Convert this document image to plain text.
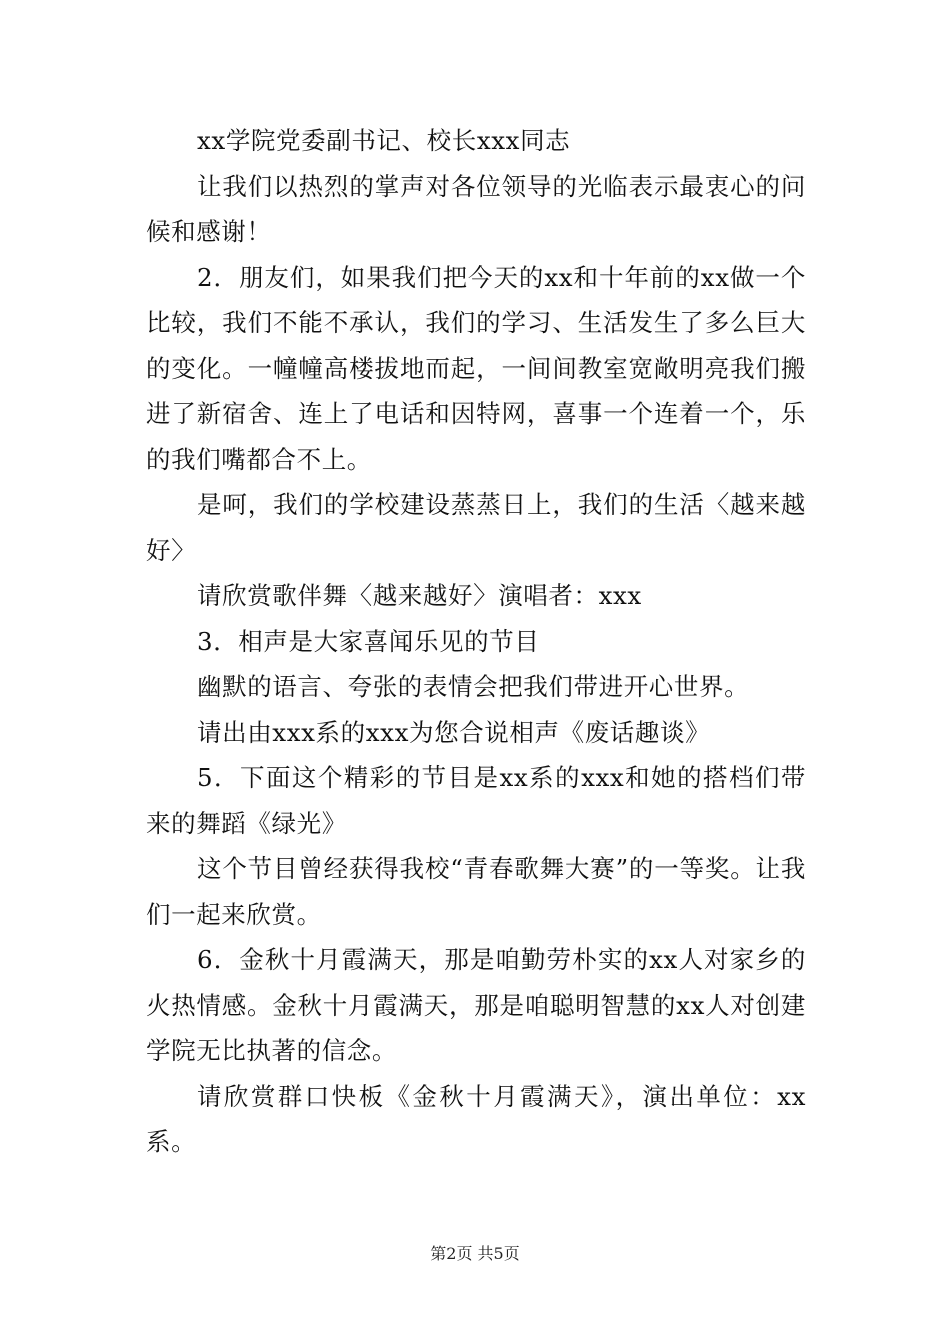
xx学院党委副书记、校长xxx同志

让我们以热烈的掌声对各位领导的光临表示最衷心的问候和感谢！

2．朋友们，如果我们把今天的xx和十年前的xx做一个比较，我们不能不承认，我们的学习、生活发生了多么巨大的变化。一幢幢高楼拔地而起，一间间教室宽敞明亮我们搬进了新宿舍、连上了电话和因特网，喜事一个连着一个，乐的我们嘴都合不上。

是呵，我们的学校建设蒸蒸日上，我们的生活〈越来越好〉

请欣赏歌伴舞〈越来越好〉演唱者：xxx

3．相声是大家喜闻乐见的节目

幽默的语言、夸张的表情会把我们带进开心世界。

请出由xxx系的xxx为您合说相声《废话趣谈》

5．下面这个精彩的节目是xx系的xxx和她的搭档们带来的舞蹈《绿光》

这个节目曾经获得我校“青春歌舞大赛”的一等奖。让我们一起来欣赏。

6．金秋十月霞满天，那是咱勤劳朴实的xx人对家乡的火热情感。金秋十月霞满天，那是咱聪明智慧的xx人对创建学院无比执著的信念。

请欣赏群口快板《金秋十月霞满天》，演出单位：xx系。

第2页 共5页
